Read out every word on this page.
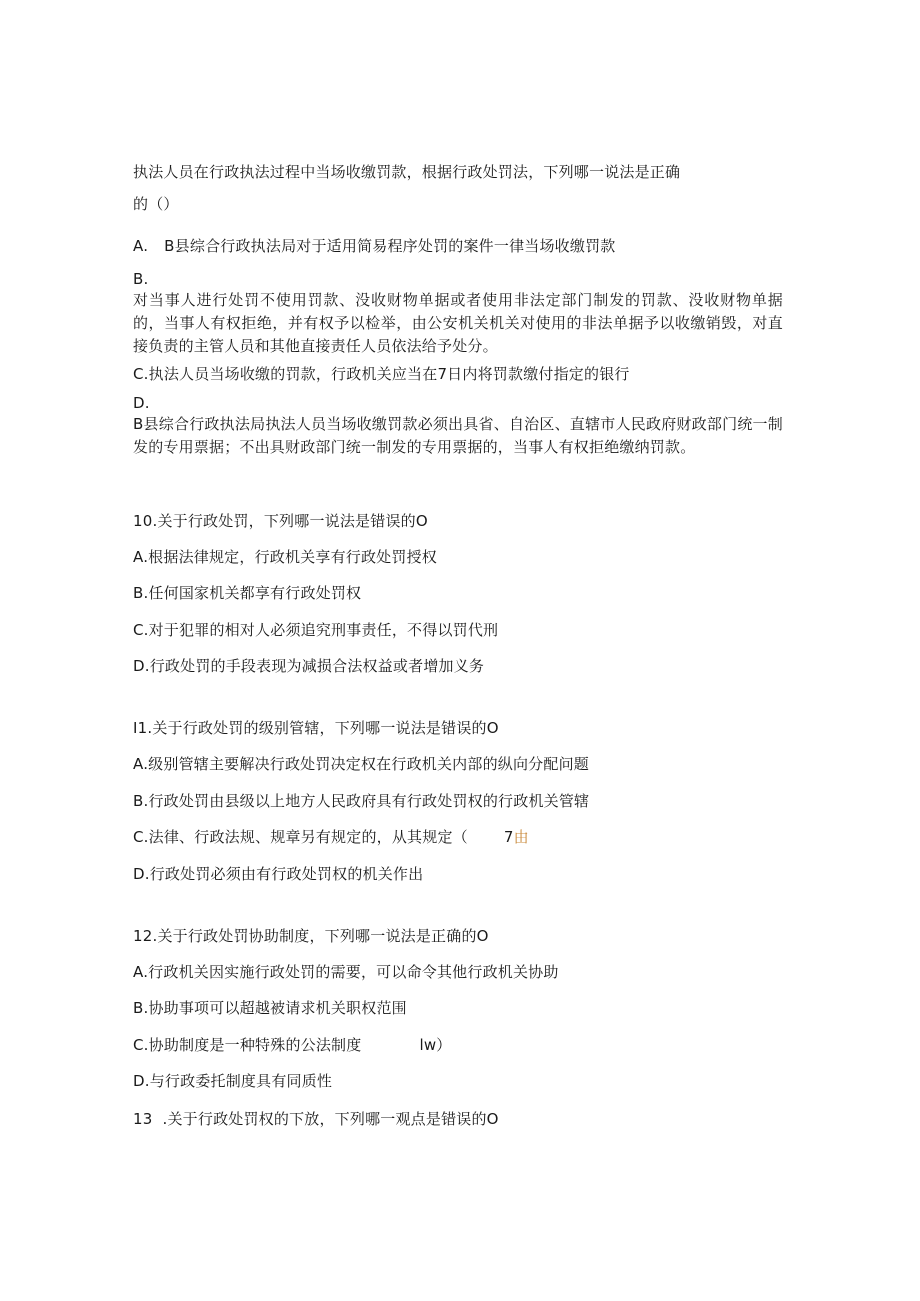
执法人员在行政执法过程中当场收缴罚款，根据行政处罚法，下列哪一说法是正确
的（）
A. B县综合行政执法局对于适用简易程序处罚的案件一律当场收缴罚款
B.
对当事人进行处罚不使用罚款、没收财物单据或者使用非法定部门制发的罚款、没收财物单据的，当事人有权拒绝，并有权予以检举，由公安机关机关对使用的非法单据予以收缴销毁，对直接负责的主管人员和其他直接责任人员依法给予处分。
C.执法人员当场收缴的罚款，行政机关应当在7日内将罚款缴付指定的银行
D.
B县综合行政执法局执法人员当场收缴罚款必须出具省、自治区、直辖市人民政府财政部门统一制发的专用票据；不出具财政部门统一制发的专用票据的，当事人有权拒绝缴纳罚款。
10.关于行政处罚，下列哪一说法是错误的O
A.根据法律规定，行政机关享有行政处罚授权
B.任何国家机关都享有行政处罚权
C.对于犯罪的相对人必须追究刑事责任，不得以罚代刑
D.行政处罚的手段表现为减损合法权益或者增加义务
I1.关于行政处罚的级别管辖，下列哪一说法是错误的O
A.级别管辖主要解决行政处罚决定权在行政机关内部的纵向分配问题
B.行政处罚由县级以上地方人民政府具有行政处罚权的行政机关管辖
C.法律、行政法规、规章另有规定的，从其规定（ 7由
D.行政处罚必须由有行政处罚权的机关作出
12.关于行政处罚协助制度，下列哪一说法是正确的O
A.行政机关因实施行政处罚的需要，可以命令其他行政机关协助
B.协助事项可以超越被请求机关职权范围
C.协助制度是一种特殊的公法制度	lw）
D.与行政委托制度具有同质性
13 .关于行政处罚权的下放，下列哪一观点是错误的O
